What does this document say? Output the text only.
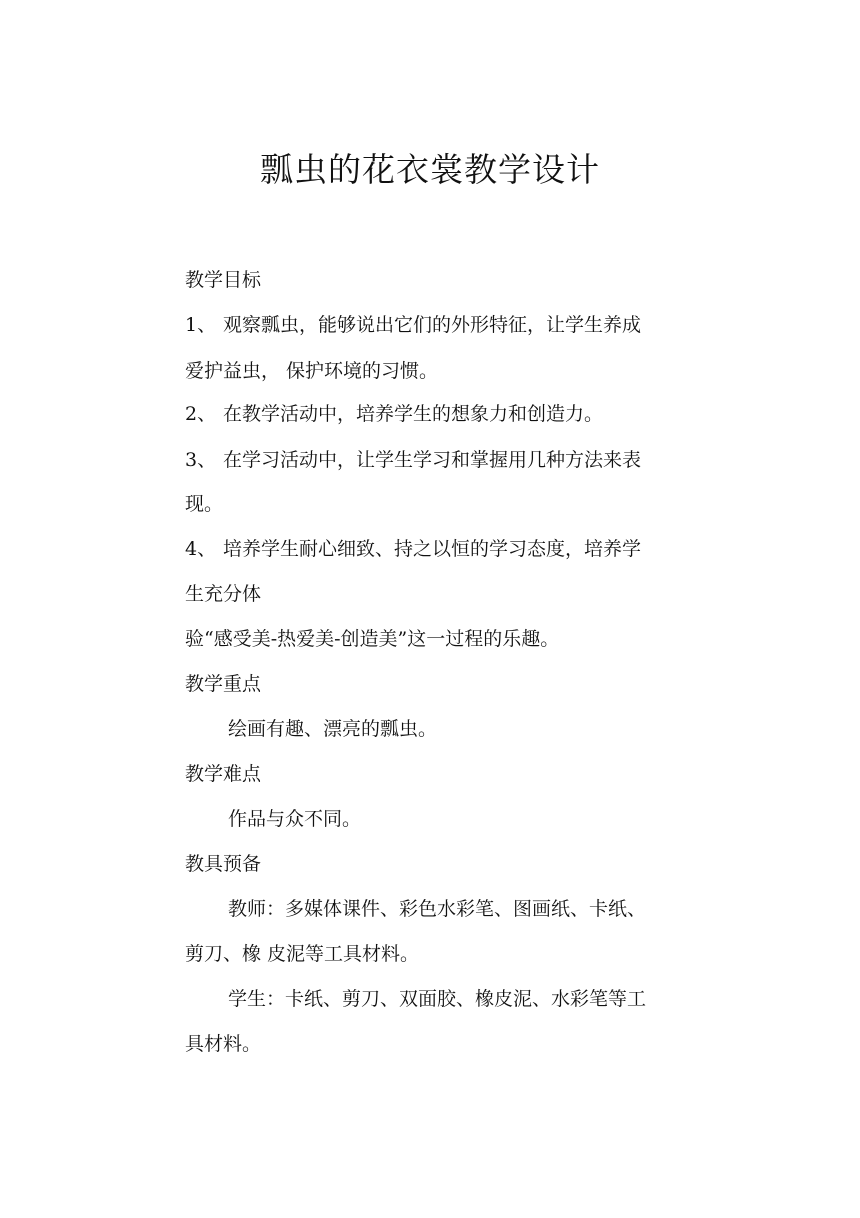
瓢虫的花衣裳教学设计

教学目标

1、 观察瓢虫，能够说出它们的外形特征，让学生养成

爱护益虫， 保护环境的习惯。

2、 在教学活动中，培养学生的想象力和创造力。

3、 在学习活动中，让学生学习和掌握用几种方法来表

现。

4、 培养学生耐心细致、持之以恒的学习态度，培养学

生充分体

验“感受美-热爱美-创造美”这一过程的乐趣。

教学重点

绘画有趣、漂亮的瓢虫。

教学难点

作品与众不同。

教具预备

教师：多媒体课件、彩色水彩笔、图画纸、卡纸、

剪刀、橡 皮泥等工具材料。

学生：卡纸、剪刀、双面胶、橡皮泥、水彩笔等工

具材料。
